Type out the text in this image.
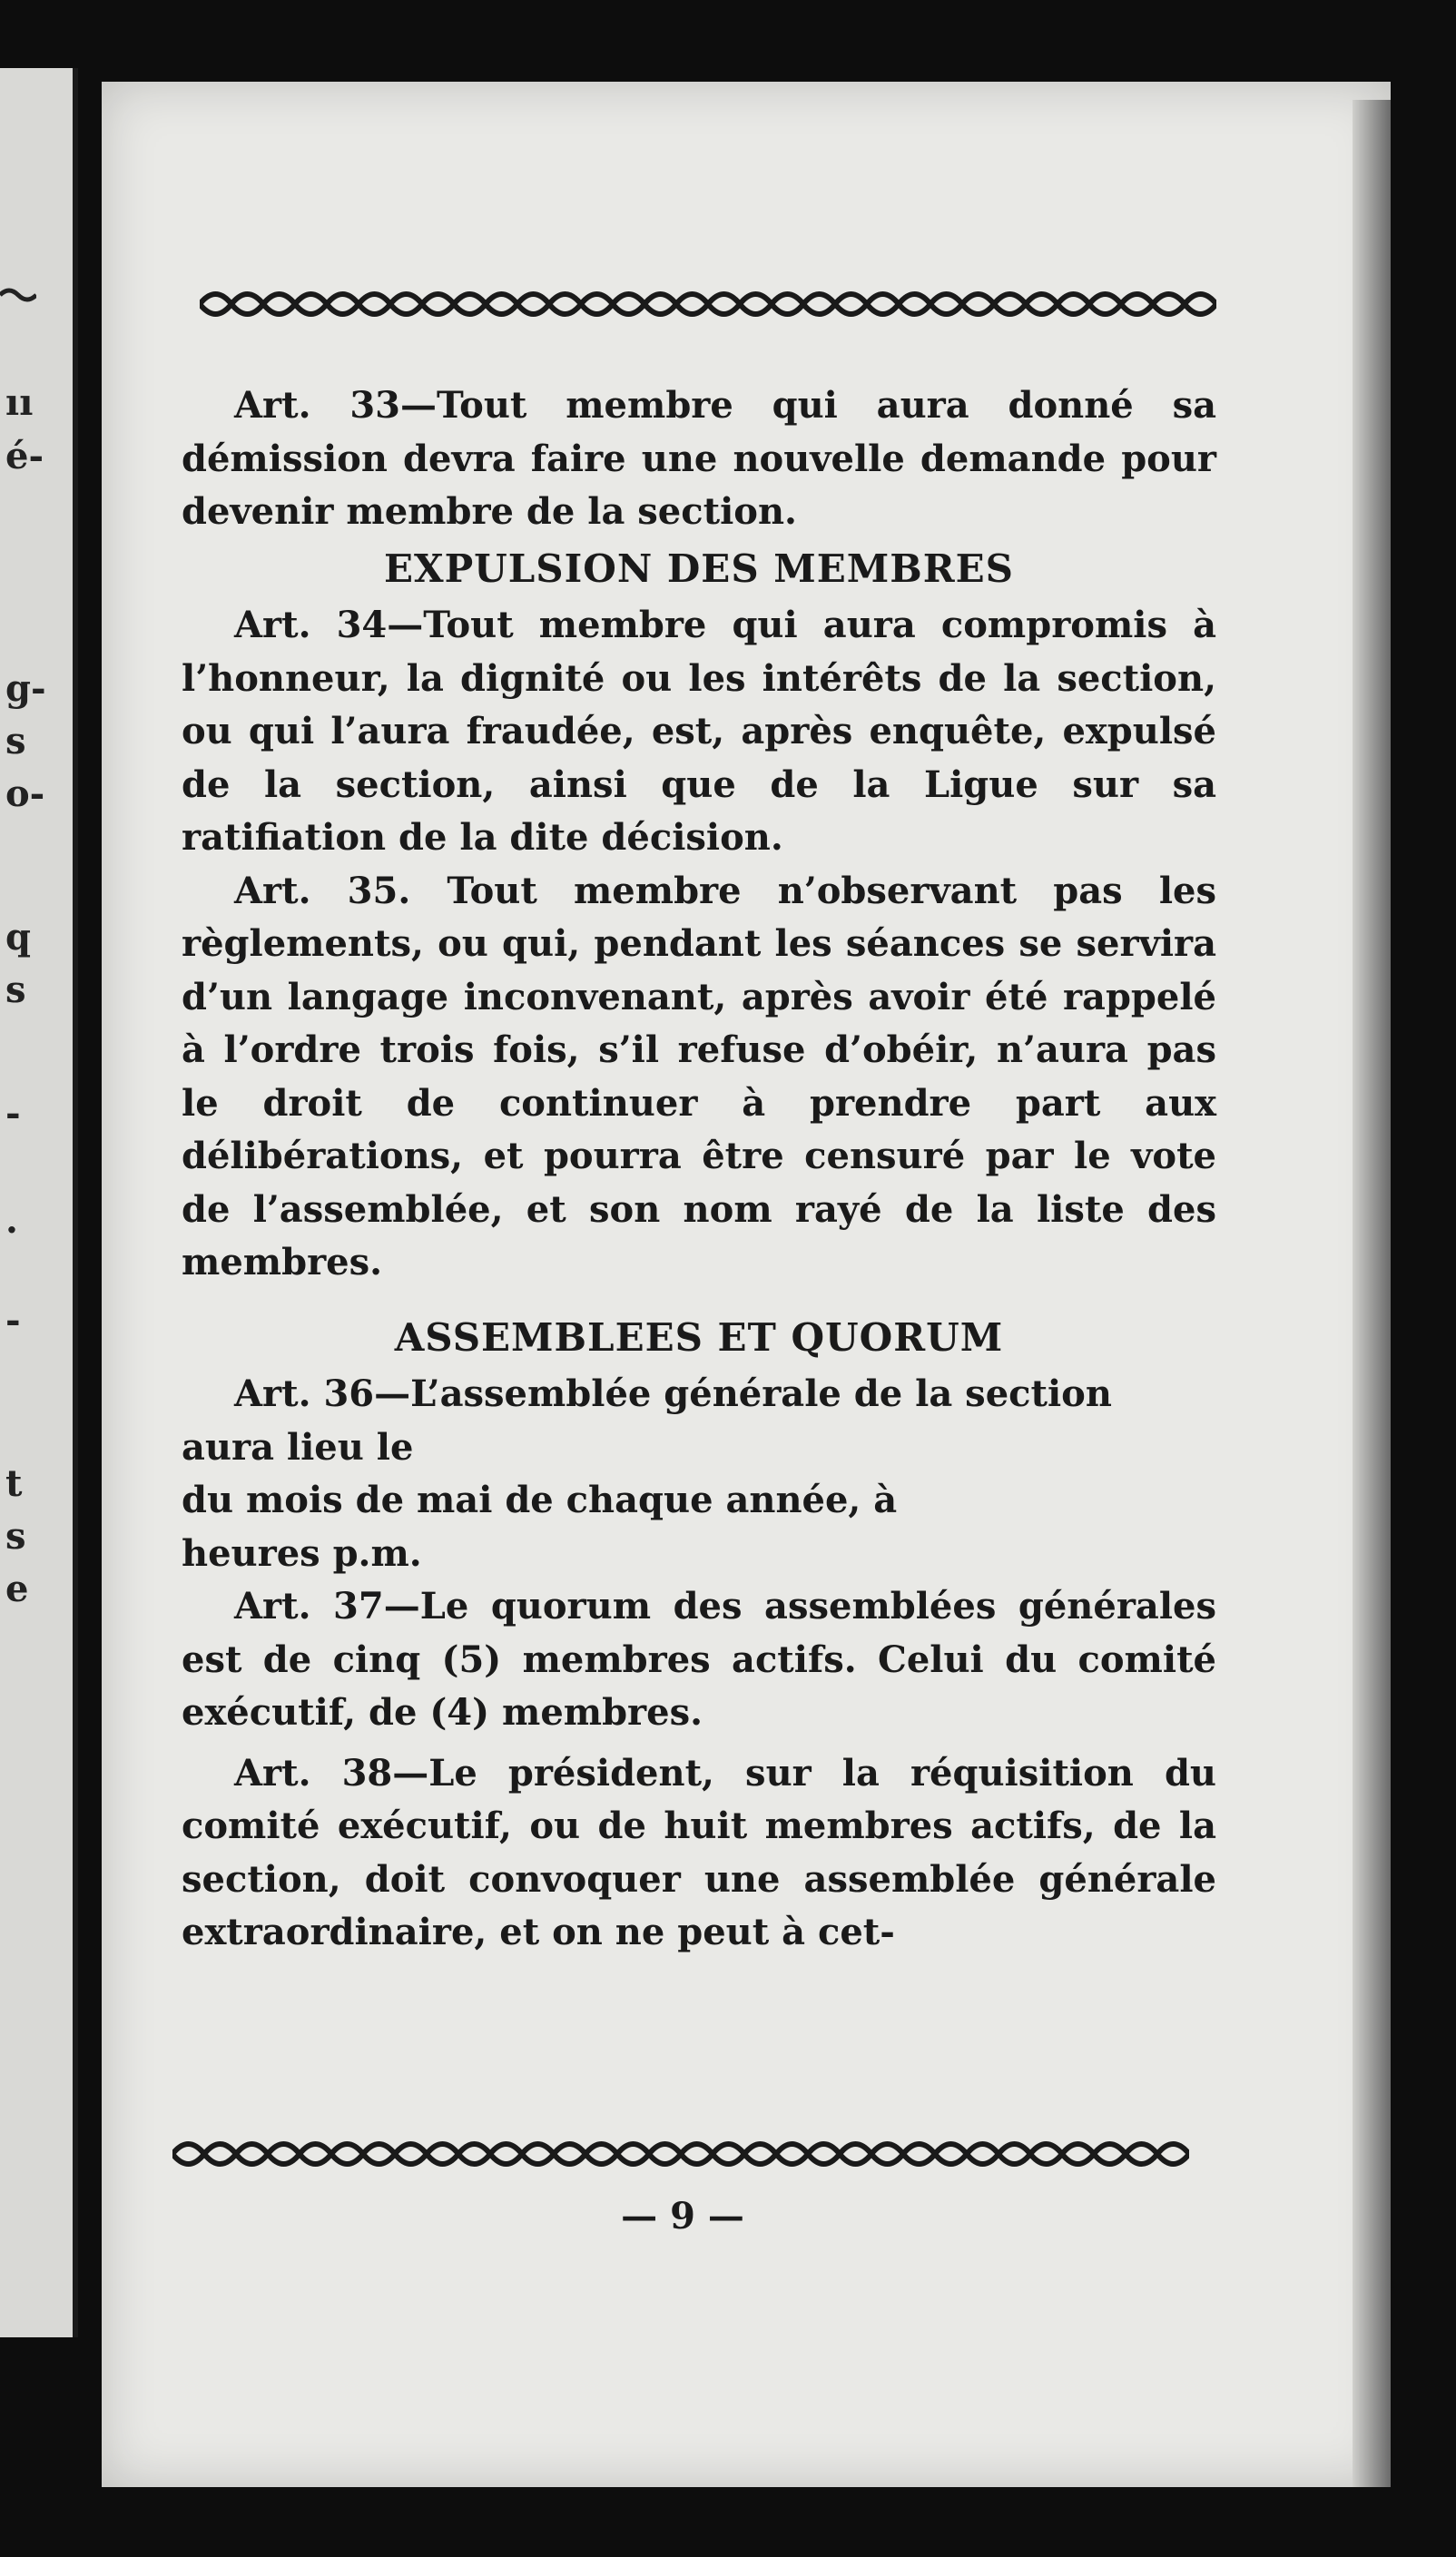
ıı
é-
g-
s
o-
q
s
-
.
-
t
s
e

Art. 33—Tout membre qui aura donné sa démission devra faire une nouvelle demande pour devenir membre de la section.

EXPULSION DES MEMBRES

Art. 34—Tout membre qui aura compromis à l’honneur, la dignité ou les intérêts de la section, ou qui l’aura fraudée, est, après enquête, expulsé de la section, ainsi que de la Ligue sur sa ratifiation de la dite décision.

Art. 35. Tout membre n’observant pas les règlements, ou qui, pendant les séances se servira d’un langage inconvenant, après avoir été rappelé à l’ordre trois fois, s’il refuse d’obéir, n’aura pas le droit de continuer à prendre part aux délibérations, et pourra être censuré par le vote de l’assemblée, et son nom rayé de la liste des membres.

ASSEMBLEES ET QUORUM

Art. 36—L’assemblée générale de la section

aura lieu le

du mois de mai de chaque année, à

heures p.m.

Art. 37—Le quorum des assemblées générales est de cinq (5) membres actifs. Celui du comité exécutif, de (4) membres.

Art. 38—Le président, sur la réquisition du comité exécutif, ou de huit membres actifs, de la section, doit convoquer une assemblée générale extraordinaire, et on ne peut à cet-

— 9 —
